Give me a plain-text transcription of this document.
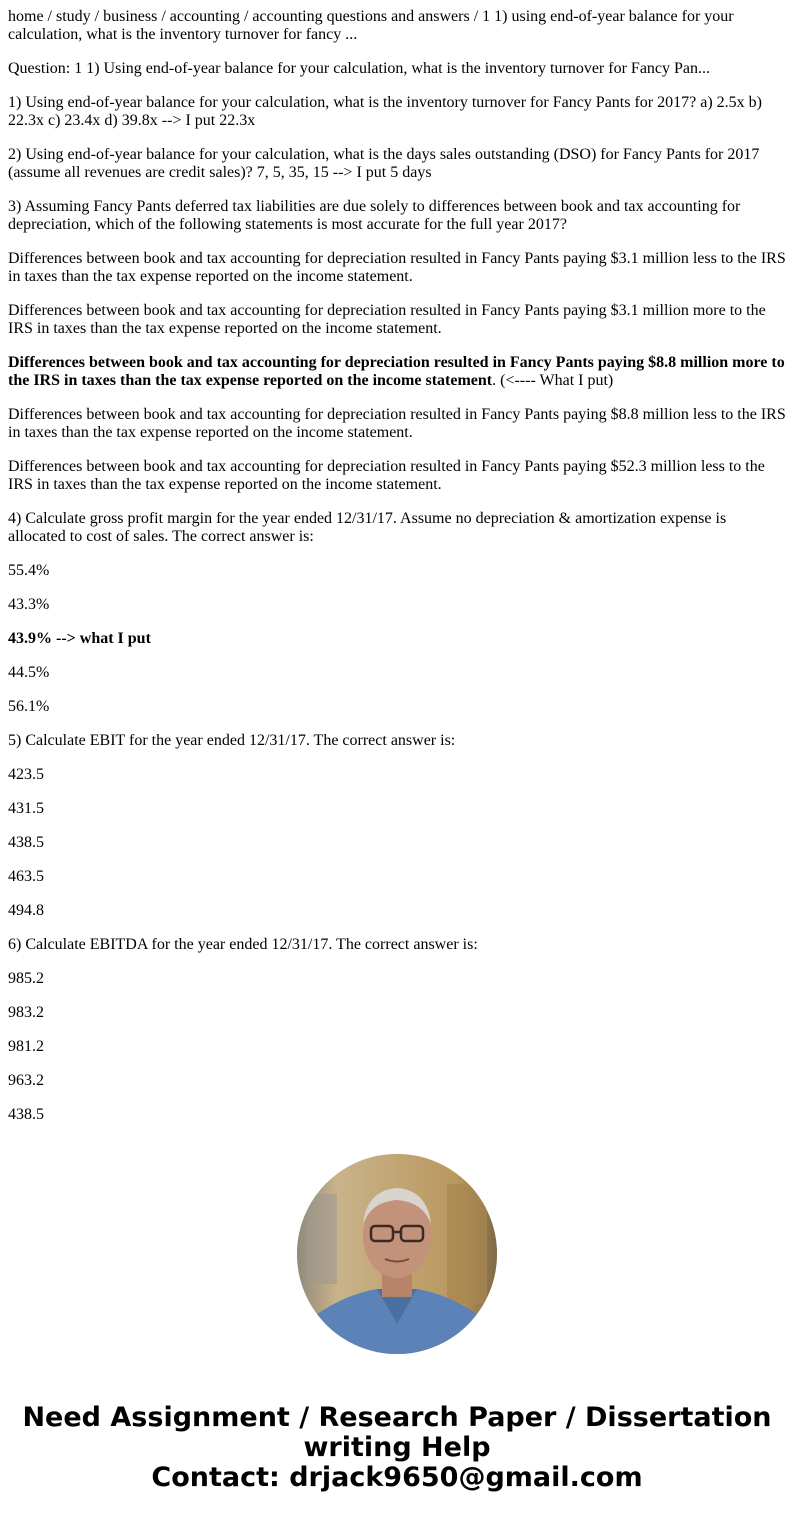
home / study / business / accounting / accounting questions and answers / 1 1) using end-of-year balance for your calculation, what is the inventory turnover for fancy ...

Question: 1 1) Using end-of-year balance for your calculation, what is the inventory turnover for Fancy Pan...

1) Using end-of-year balance for your calculation, what is the inventory turnover for Fancy Pants for 2017? a) 2.5x b) 22.3x c) 23.4x d) 39.8x --> I put 22.3x

2) Using end-of-year balance for your calculation, what is the days sales outstanding (DSO) for Fancy Pants for 2017 (assume all revenues are credit sales)? 7, 5, 35, 15 --> I put 5 days

3) Assuming Fancy Pants deferred tax liabilities are due solely to differences between book and tax accounting for depreciation, which of the following statements is most accurate for the full year 2017?

Differences between book and tax accounting for depreciation resulted in Fancy Pants paying $3.1 million less to the IRS in taxes than the tax expense reported on the income statement.

Differences between book and tax accounting for depreciation resulted in Fancy Pants paying $3.1 million more to the IRS in taxes than the tax expense reported on the income statement.

Differences between book and tax accounting for depreciation resulted in Fancy Pants paying $8.8 million more to the IRS in taxes than the tax expense reported on the income statement. (<---- What I put)

Differences between book and tax accounting for depreciation resulted in Fancy Pants paying $8.8 million less to the IRS in taxes than the tax expense reported on the income statement.

Differences between book and tax accounting for depreciation resulted in Fancy Pants paying $52.3 million less to the IRS in taxes than the tax expense reported on the income statement.

4) Calculate gross profit margin for the year ended 12/31/17. Assume no depreciation & amortization expense is allocated to cost of sales. The correct answer is:

55.4%

43.3%

43.9% --> what I put

44.5%

56.1%

5) Calculate EBIT for the year ended 12/31/17. The correct answer is:

423.5

431.5

438.5

463.5

494.8

6) Calculate EBITDA for the year ended 12/31/17. The correct answer is:

985.2

983.2

981.2

963.2

438.5

Need Assignment / Research Paper / Dissertation
writing Help
Contact: drjack9650@gmail.com
